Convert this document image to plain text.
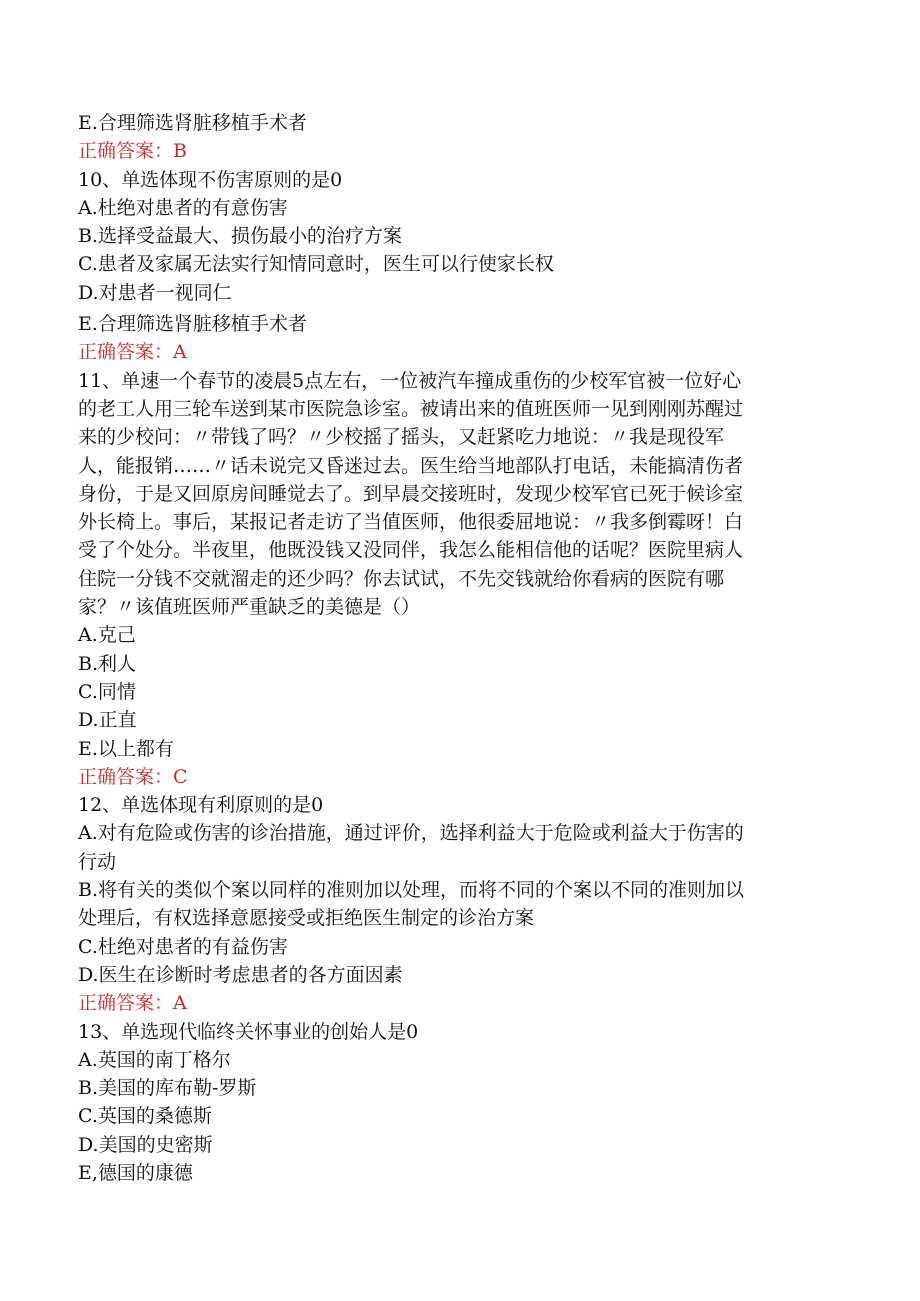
E.合理筛选肾脏移植手术者
正确答案：B
10、单选体现不伤害原则的是0
A.杜绝对患者的有意伤害
B.选择受益最大、损伤最小的治疗方案
C.患者及家属无法实行知情同意时，医生可以行使家长权
D.对患者一视同仁
E.合理筛选肾脏移植手术者
正确答案：A
11、单速一个春节的凌晨5点左右，一位被汽车撞成重伤的少校军官被一位好心
的老工人用三轮车送到某市医院急诊室。被请出来的值班医师一见到刚刚苏醒过
来的少校问：〃带钱了吗？〃少校摇了摇头，又赶紧吃力地说：〃我是现役军
人，能报销……〃话未说完又昏迷过去。医生给当地部队打电话，未能搞清伤者
身份，于是又回原房间睡觉去了。到早晨交接班时，发现少校军官已死于候诊室
外长椅上。事后，某报记者走访了当值医师，他很委屈地说：〃我多倒霉呀！白
受了个处分。半夜里，他既没钱又没同伴，我怎么能相信他的话呢？医院里病人
住院一分钱不交就溜走的还少吗？你去试试，不先交钱就给你看病的医院有哪
家？〃该值班医师严重缺乏的美德是（）
A.克己
B.利人
C.同情
D.正直
E.以上都有
正确答案：C
12、单选体现有利原则的是0
A.对有危险或伤害的诊治措施，通过评价，选择利益大于危险或利益大于伤害的
行动
B.将有关的类似个案以同样的准则加以处理，而将不同的个案以不同的准则加以
处理后，有权选择意愿接受或拒绝医生制定的诊治方案
C.杜绝对患者的有益伤害
D.医生在诊断时考虑患者的各方面因素
正确答案：A
13、单选现代临终关怀事业的创始人是0
A.英国的南丁格尔
B.美国的库布勒-罗斯
C.英国的桑德斯
D.美国的史密斯
E,德国的康德
